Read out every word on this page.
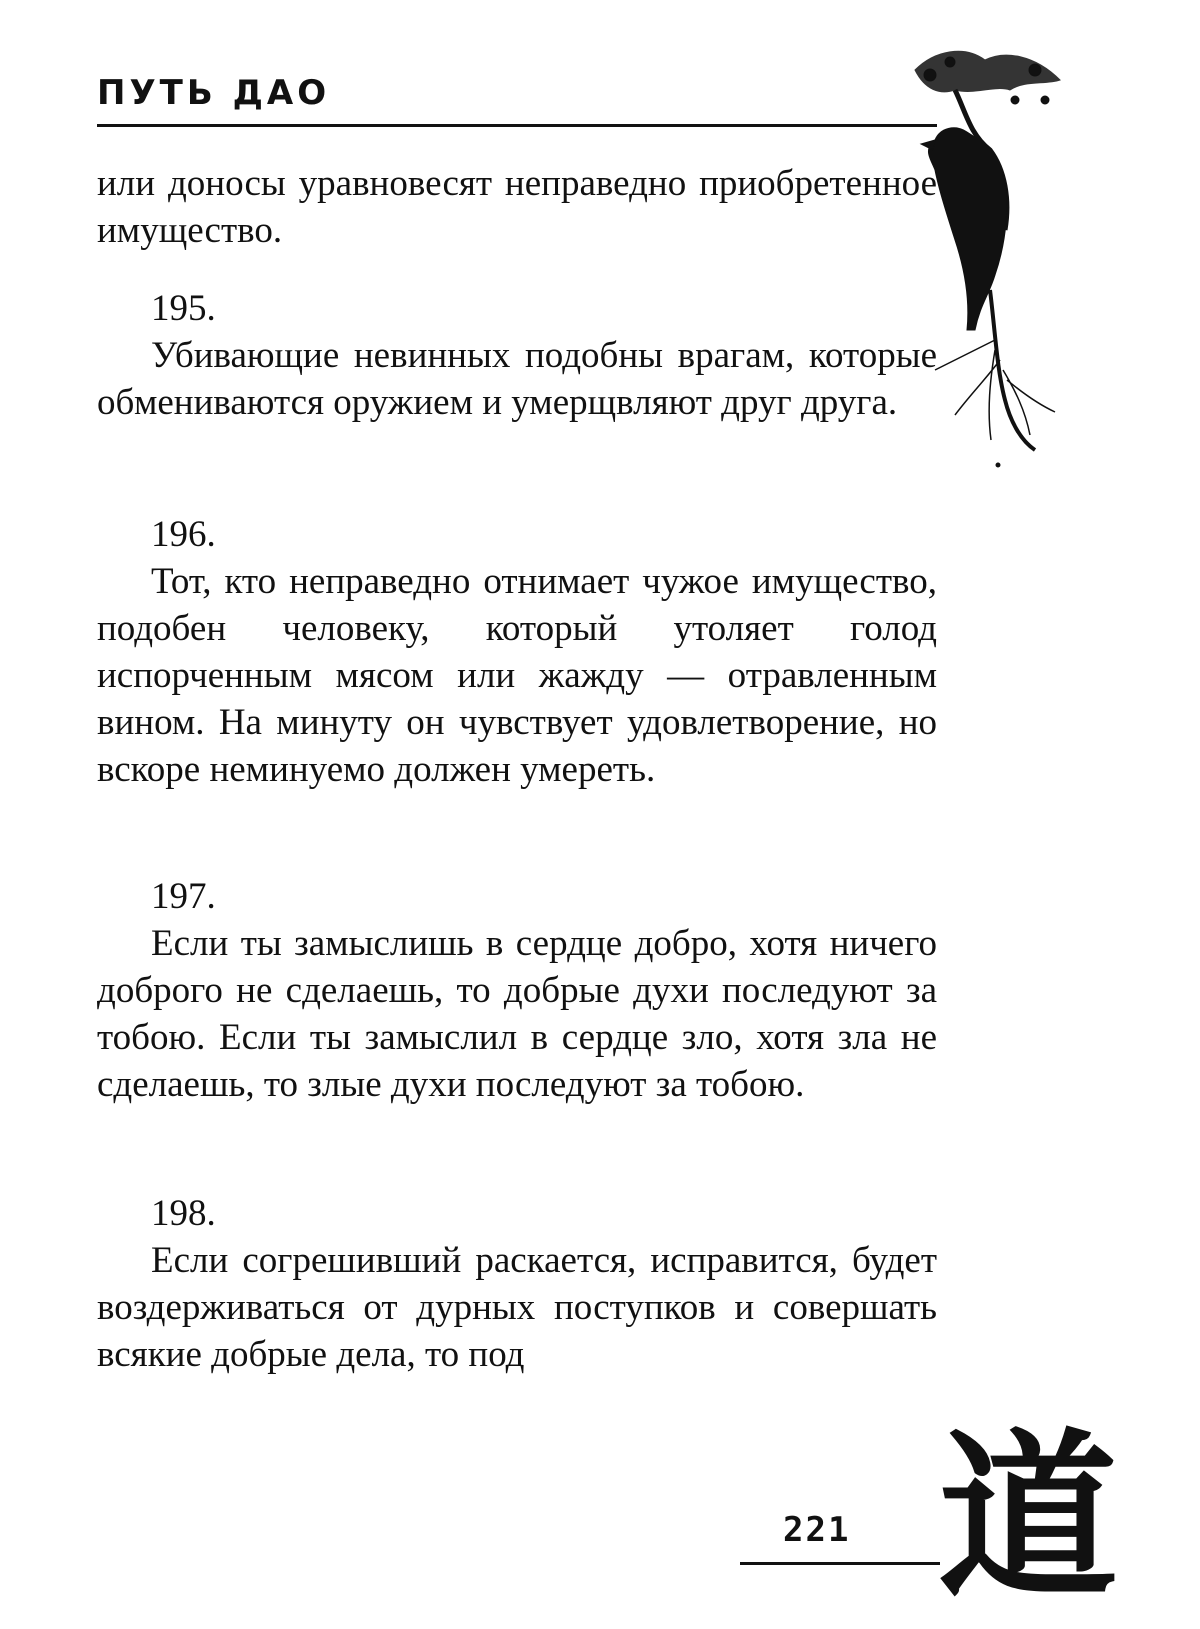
ПУТЬ ДАО

или доносы уравновесят неправедно приобретенное имущество.

195.

Убивающие невинных подобны врагам, которые обмениваются оружием и умерщвляют друг друга.

196.

Тот, кто неправедно отнимает чужое имущество, подобен человеку, который утоляет голод испорченным мясом или жажду — отравленным вином. На минуту он чувствует удовлетворение, но вскоре неминуемо должен умереть.

197.

Если ты замыслишь в сердце добро, хотя ничего доброго не сделаешь, то добрые духи последуют за тобою. Если ты замыслил в сердце зло, хотя зла не сделаешь, то злые духи последуют за тобою.

198.

Если согрешивший раскается, исправится, будет воздерживаться от дурных поступков и совершать всякие добрые дела, то под

221 道
